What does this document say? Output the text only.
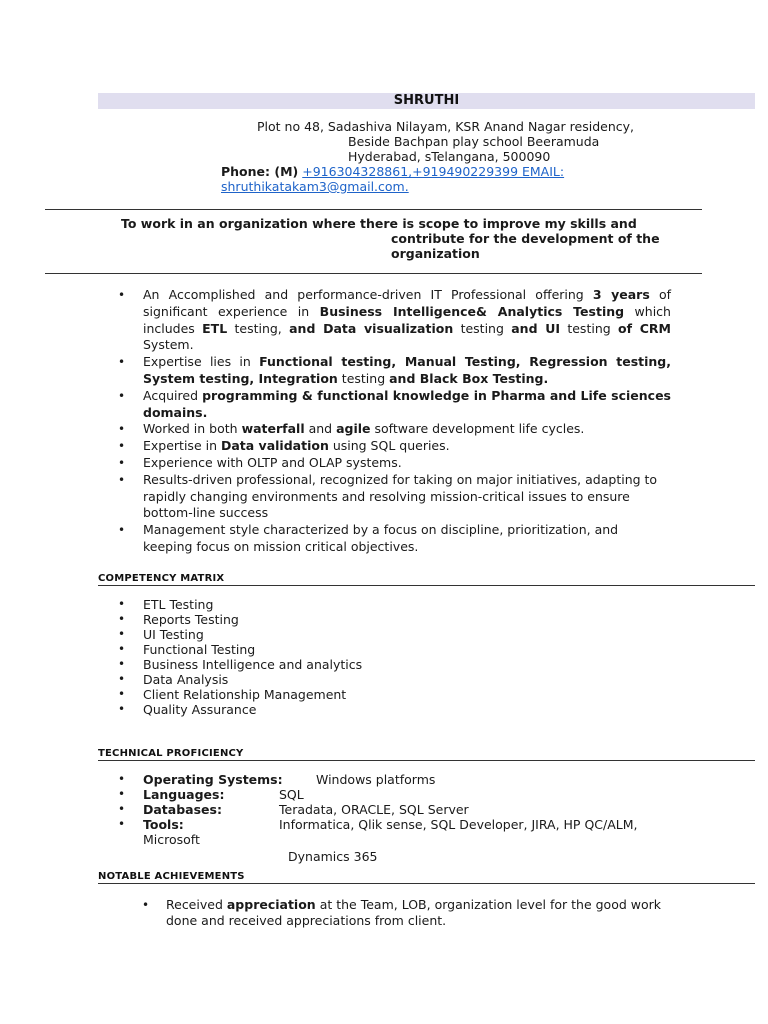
SHRUTHI
Plot no 48, Sadashiva Nilayam, KSR Anand Nagar residency,
Beside Bachpan play school Beeramuda
Hyderabad, sTelangana, 500090
Phone: (M) +916304328861,+919490229399 EMAIL:
shruthikatakam3@gmail.com.
To work in an organization where there is scope to improve my skills and
contribute for the development of the
organization
• An Accomplished and performance-driven IT Professional offering 3 years of significant experience in Business Intelligence& Analytics Testing which includes ETL testing, and Data visualization testing and UI testing of CRM System.
• Expertise lies in Functional testing, Manual Testing, Regression testing, System testing, Integration testing and Black Box Testing.
• Acquired programming & functional knowledge in Pharma and Life sciences domains.
• Worked in both waterfall and agile software development life cycles.
• Expertise in Data validation using SQL queries.
• Experience with OLTP and OLAP systems.
• Results-driven professional, recognized for taking on major initiatives, adapting to rapidly changing environments and resolving mission-critical issues to ensure bottom-line success
• Management style characterized by a focus on discipline, prioritization, and keeping focus on mission critical objectives.
COMPETENCY MATRIX
• ETL Testing
• Reports Testing
• UI Testing
• Functional Testing
• Business Intelligence and analytics
• Data Analysis
• Client Relationship Management
• Quality Assurance
TECHNICAL PROFICIENCY
• Operating Systems:	Windows platforms
• Languages:	SQL
• Databases:	Teradata, ORACLE, SQL Server
• Tools:	Informatica, Qlik sense, SQL Developer, JIRA, HP QC/ALM,
Microsoft
Dynamics 365
NOTABLE ACHIEVEMENTS
• Received appreciation at the Team, LOB, organization level for the good work
done and received appreciations from client.
